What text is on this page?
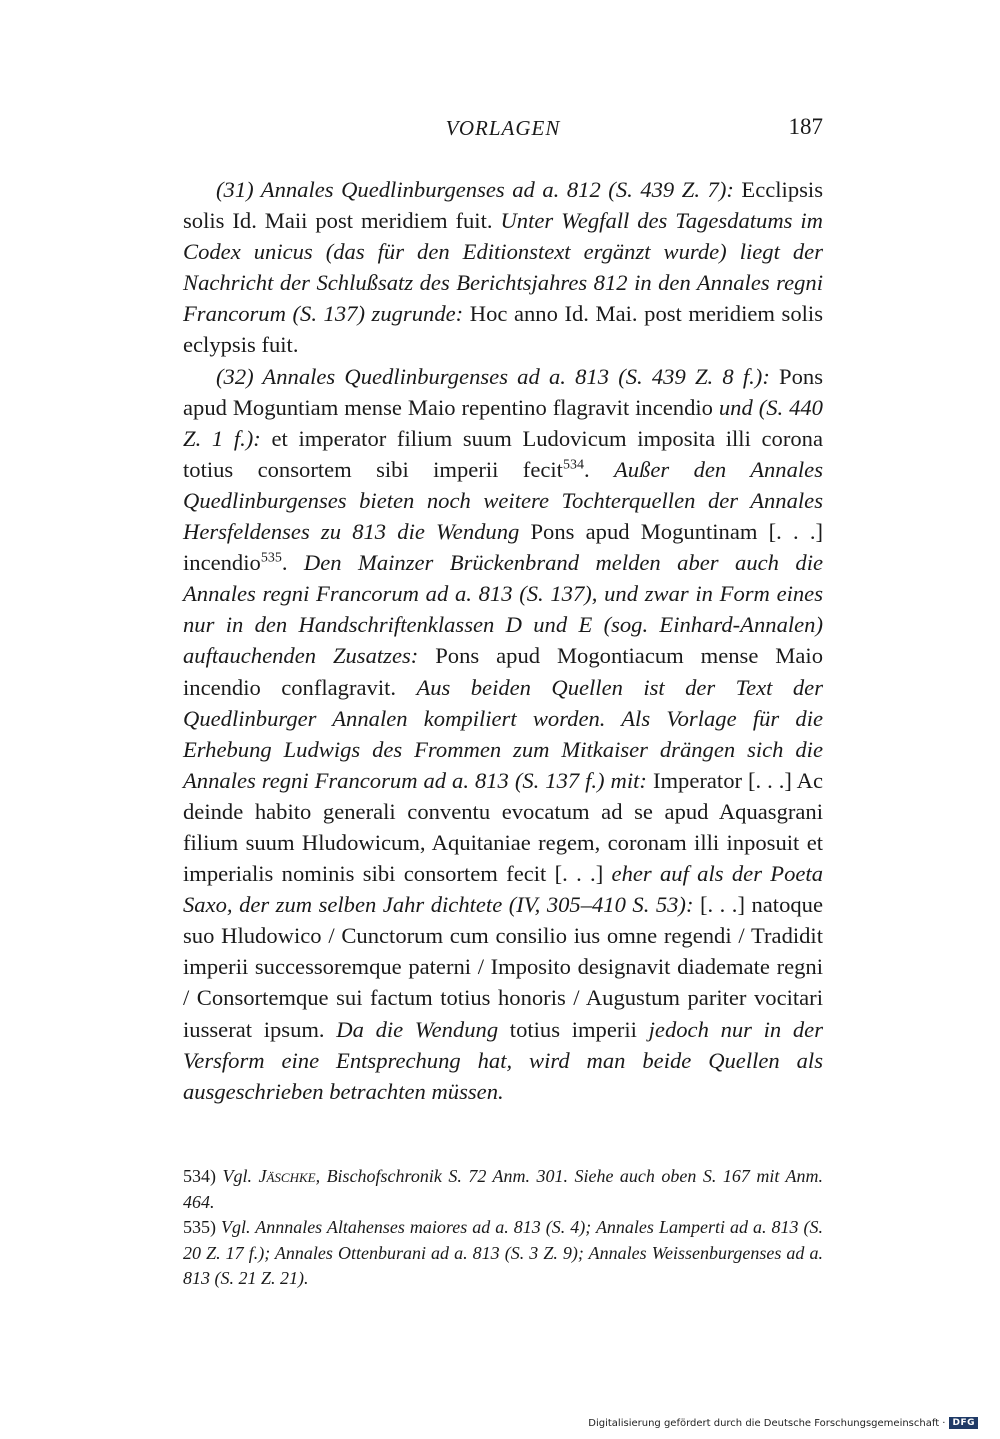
VORLAGEN	187

(31) Annales Quedlinburgenses ad a. 812 (S. 439 Z. 7): Ecclipsis solis Id. Maii post meridiem fuit. Unter Wegfall des Tagesdatums im Codex unicus (das für den Editionstext ergänzt wurde) liegt der Nachricht der Schlußsatz des Berichtsjahres 812 in den Annales regni Francorum (S. 137) zugrunde: Hoc anno Id. Mai. post meridiem solis eclypsis fuit.

(32) Annales Quedlinburgenses ad a. 813 (S. 439 Z. 8 f.): Pons apud Moguntiam mense Maio repentino flagravit incendio und (S. 440 Z. 1 f.): et imperator filium suum Ludovicum imposita illi corona totius consortem sibi imperii fecit$^{534}$. Außer den Annales Quedlinburgenses bieten noch weitere Tochterquellen der Annales Hersfeldenses zu 813 die Wendung Pons apud Moguntinam [. . .] incendio$^{535}$. Den Mainzer Brückenbrand melden aber auch die Annales regni Francorum ad a. 813 (S. 137), und zwar in Form eines nur in den Handschriftenklassen D und E (sog. Einhard-Annalen) auftauchenden Zusatzes: Pons apud Mogontiacum mense Maio incendio conflagravit. Aus beiden Quellen ist der Text der Quedlinburger Annalen kompiliert worden. Als Vorlage für die Erhebung Ludwigs des Frommen zum Mitkaiser drängen sich die Annales regni Francorum ad a. 813 (S. 137 f.) mit: Imperator [. . .] Ac deinde habito generali conventu evocatum ad se apud Aquasgrani filium suum Hludowicum, Aquitaniae regem, coronam illi inposuit et imperialis nominis sibi consortem fecit [. . .] eher auf als der Poeta Saxo, der zum selben Jahr dichtete (IV, 305–410 S. 53): [. . .] natoque suo Hludowico / Cunctorum cum consilio ius omne regendi / Tradidit imperii successoremque paterni / Imposito designavit diademate regni / Consortemque sui factum totius honoris / Augustum pariter vocitari iusserat ipsum. Da die Wendung totius imperii jedoch nur in der Versform eine Entsprechung hat, wird man beide Quellen als ausgeschrieben betrachten müssen.

534) Vgl. Jäschke, Bischofschronik S. 72 Anm. 301. Siehe auch oben S. 167 mit Anm. 464.

535) Vgl. Annnales Altahenses maiores ad a. 813 (S. 4); Annales Lamperti ad a. 813 (S. 20 Z. 17 f.); Annales Ottenburani ad a. 813 (S. 3 Z. 9); Annales Weissenburgenses ad a. 813 (S. 21 Z. 21).

Digitalisierung gefördert durch die Deutsche Forschungsgemeinschaft · DFG
